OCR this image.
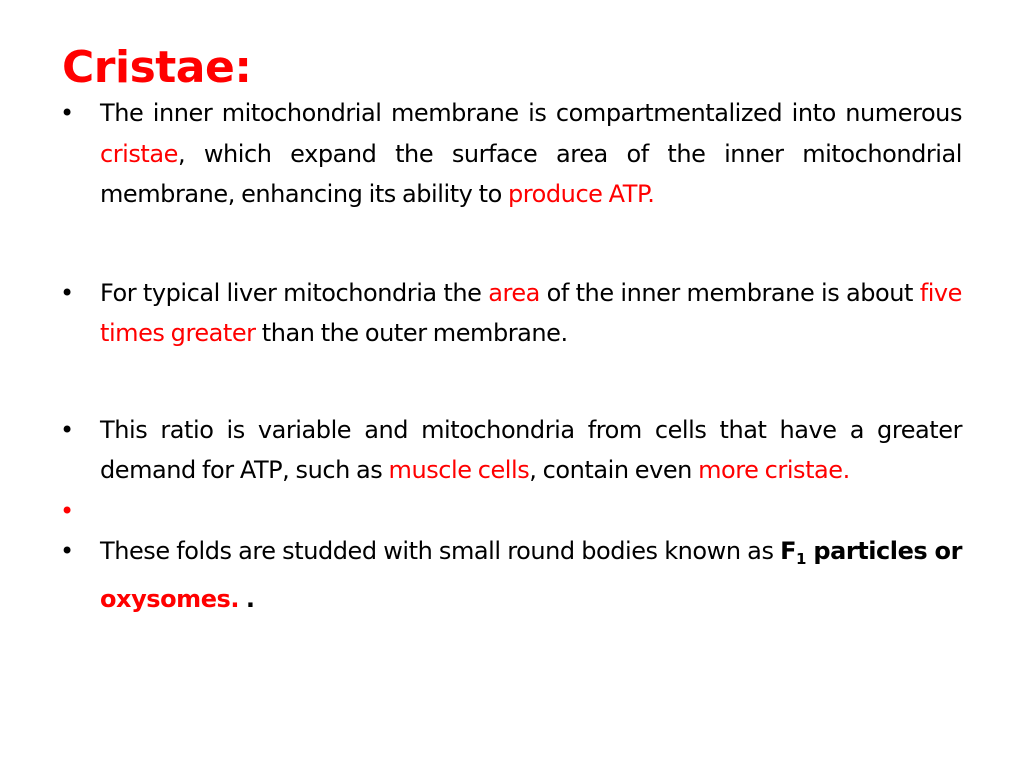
Cristae:
•	The inner mitochondrial membrane is compartmentalized into numerous cristae, which expand the surface area of the inner mitochondrial membrane, enhancing its ability to produce ATP.
•	For typical liver mitochondria the area of the inner membrane is about five times greater than the outer membrane.
•	This ratio is variable and mitochondria from cells that have a greater demand for ATP, such as muscle cells, contain even more cristae.
•
•	These folds are studded with small round bodies known as $F_1$ particles or oxysomes. .
